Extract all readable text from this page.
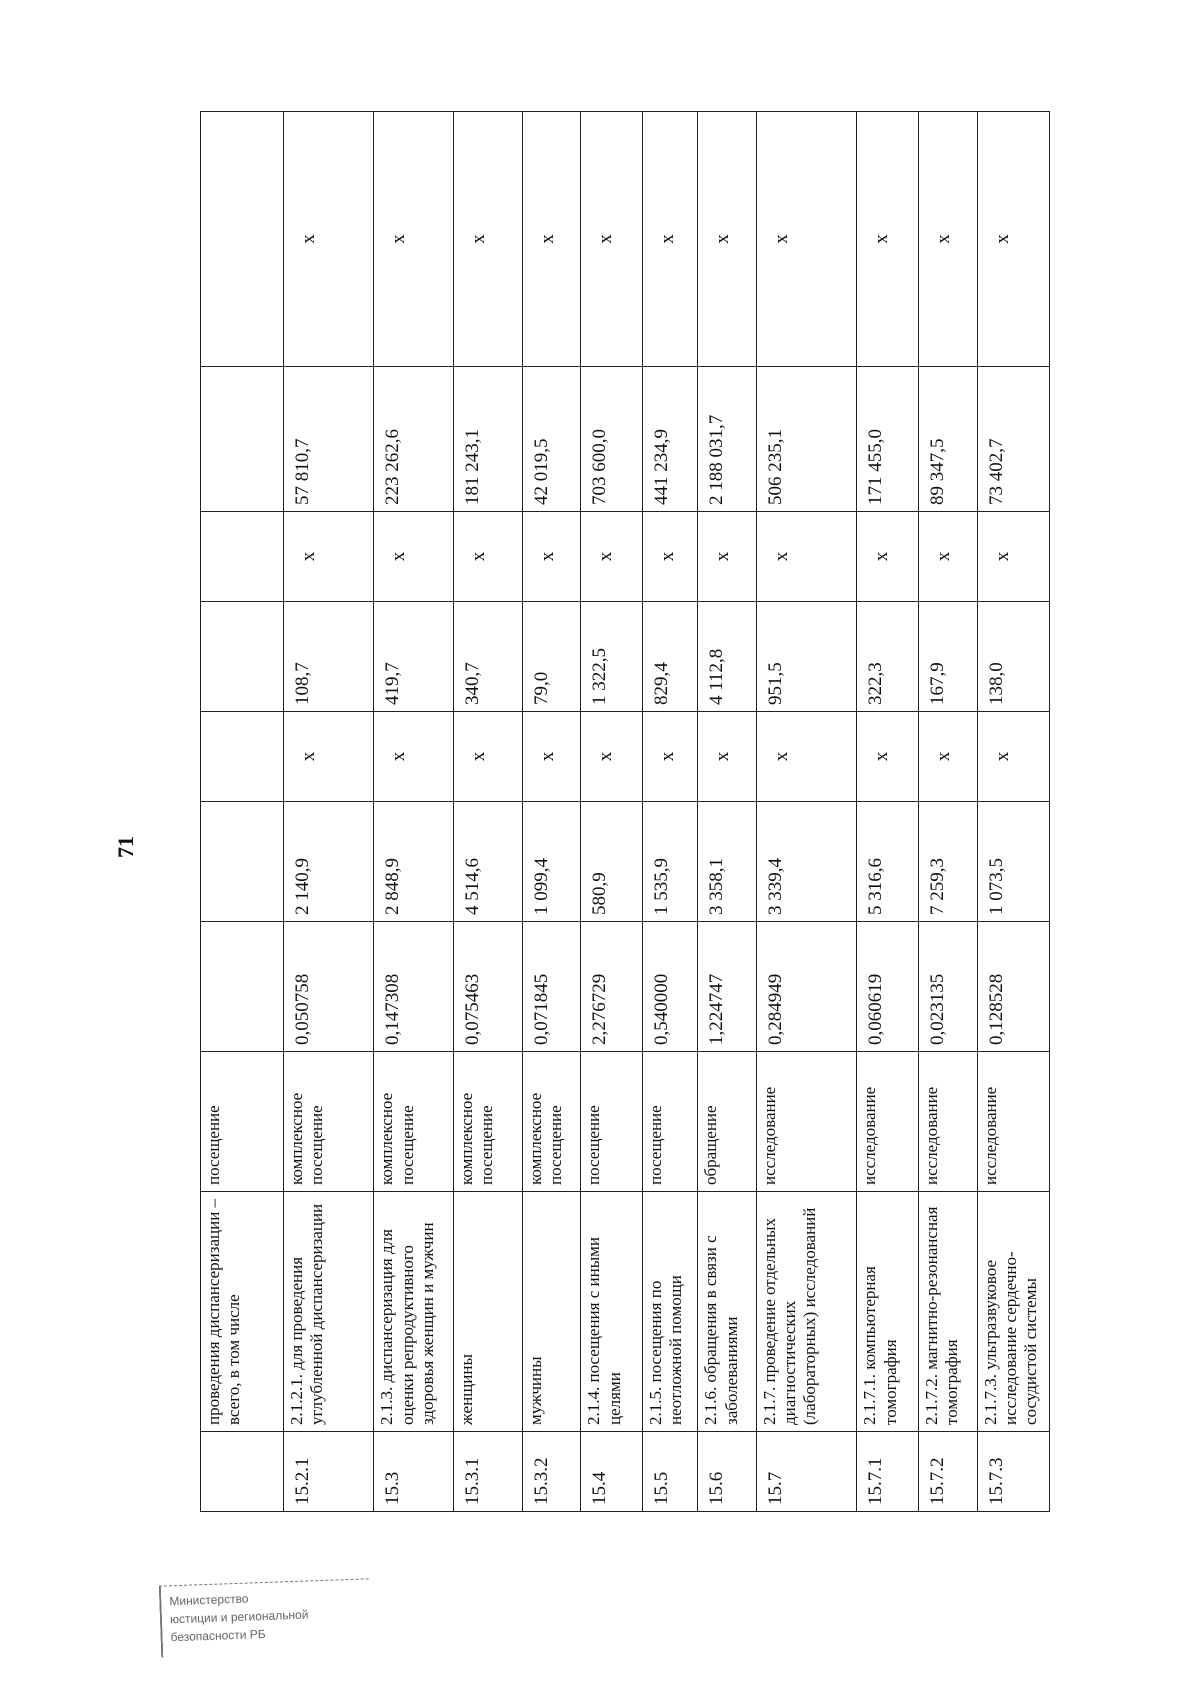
71
	проведения диспансеризации – всего, в том числе	посещение							
15.2.1	2.1.2.1. для проведения углубленной диспансеризации	комплексное посещение	0,050758	2 140,9	х	108,7	х	57 810,7	х
15.3	2.1.3. диспансеризация для оценки репродуктивного здоровья женщин и мужчин	комплексное посещение	0,147308	2 848,9	х	419,7	х	223 262,6	х
15.3.1	женщины	комплексное посещение	0,075463	4 514,6	х	340,7	х	181 243,1	х
15.3.2	мужчины	комплексное посещение	0,071845	1 099,4	х	79,0	х	42 019,5	х
15.4	2.1.4. посещения с иными целями	посещение	2,276729	580,9	х	1 322,5	х	703 600,0	х
15.5	2.1.5. посещения по неотложной помощи	посещение	0,540000	1 535,9	х	829,4	х	441 234,9	х
15.6	2.1.6. обращения в связи с заболеваниями	обращение	1,224747	3 358,1	х	4 112,8	х	2 188 031,7	х
15.7	2.1.7. проведение отдельных диагностических (лабораторных) исследований	исследование	0,284949	3 339,4	х	951,5	х	506 235,1	х
15.7.1	2.1.7.1. компьютерная томография	исследование	0,060619	5 316,6	х	322,3	х	171 455,0	х
15.7.2	2.1.7.2. магнитно-резонансная томография	исследование	0,023135	7 259,3	х	167,9	х	89 347,5	х
15.7.3	2.1.7.3. ультразвуковое исследование сердечно-сосудистой системы	исследование	0,128528	1 073,5	х	138,0	х	73 402,7	х
Министерство
юстиции и региональной
безопасности РБ
